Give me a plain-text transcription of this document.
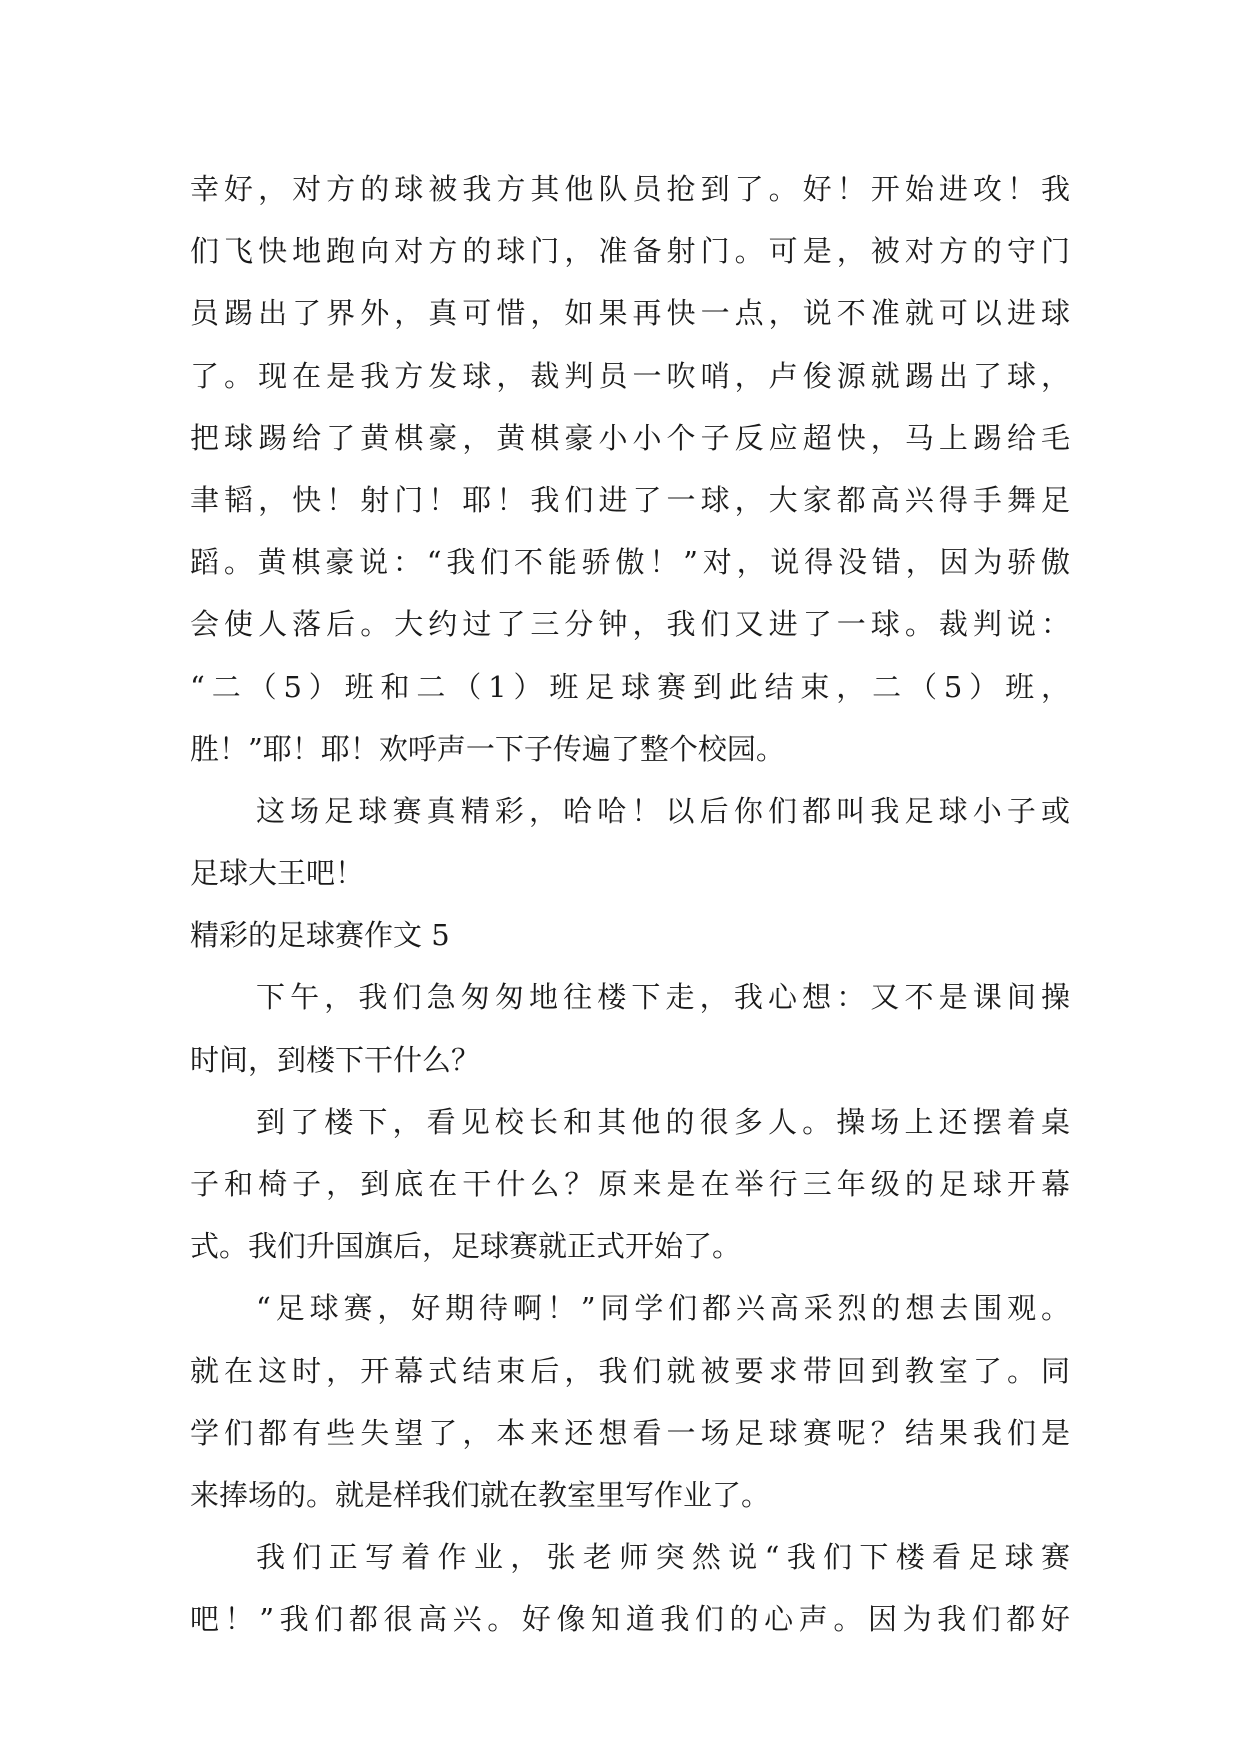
幸好，对方的球被我方其他队员抢到了。好！开始进攻！我
们飞快地跑向对方的球门，准备射门。可是，被对方的守门
员踢出了界外，真可惜，如果再快一点，说不准就可以进球
了。现在是我方发球，裁判员一吹哨，卢俊源就踢出了球，
把球踢给了黄棋豪，黄棋豪小小个子反应超快，马上踢给毛
聿韬，快！射门！耶！我们进了一球，大家都高兴得手舞足
蹈。黄棋豪说：“我们不能骄傲！”对，说得没错，因为骄傲
会使人落后。大约过了三分钟，我们又进了一球。裁判说：
“二（5）班和二（1）班足球赛到此结束，二（5）班，
胜！”耶！耶！欢呼声一下子传遍了整个校园。
这场足球赛真精彩，哈哈！以后你们都叫我足球小子或
足球大王吧！
精彩的足球赛作文 5
下午，我们急匆匆地往楼下走，我心想：又不是课间操
时间，到楼下干什么？
到了楼下，看见校长和其他的很多人。操场上还摆着桌
子和椅子，到底在干什么？原来是在举行三年级的足球开幕
式。我们升国旗后，足球赛就正式开始了。
“足球赛，好期待啊！”同学们都兴高采烈的想去围观。
就在这时，开幕式结束后，我们就被要求带回到教室了。同
学们都有些失望了，本来还想看一场足球赛呢？结果我们是
来捧场的。就是样我们就在教室里写作业了。
我们正写着作业，张老师突然说“我们下楼看足球赛
吧！”我们都很高兴。好像知道我们的心声。因为我们都好
